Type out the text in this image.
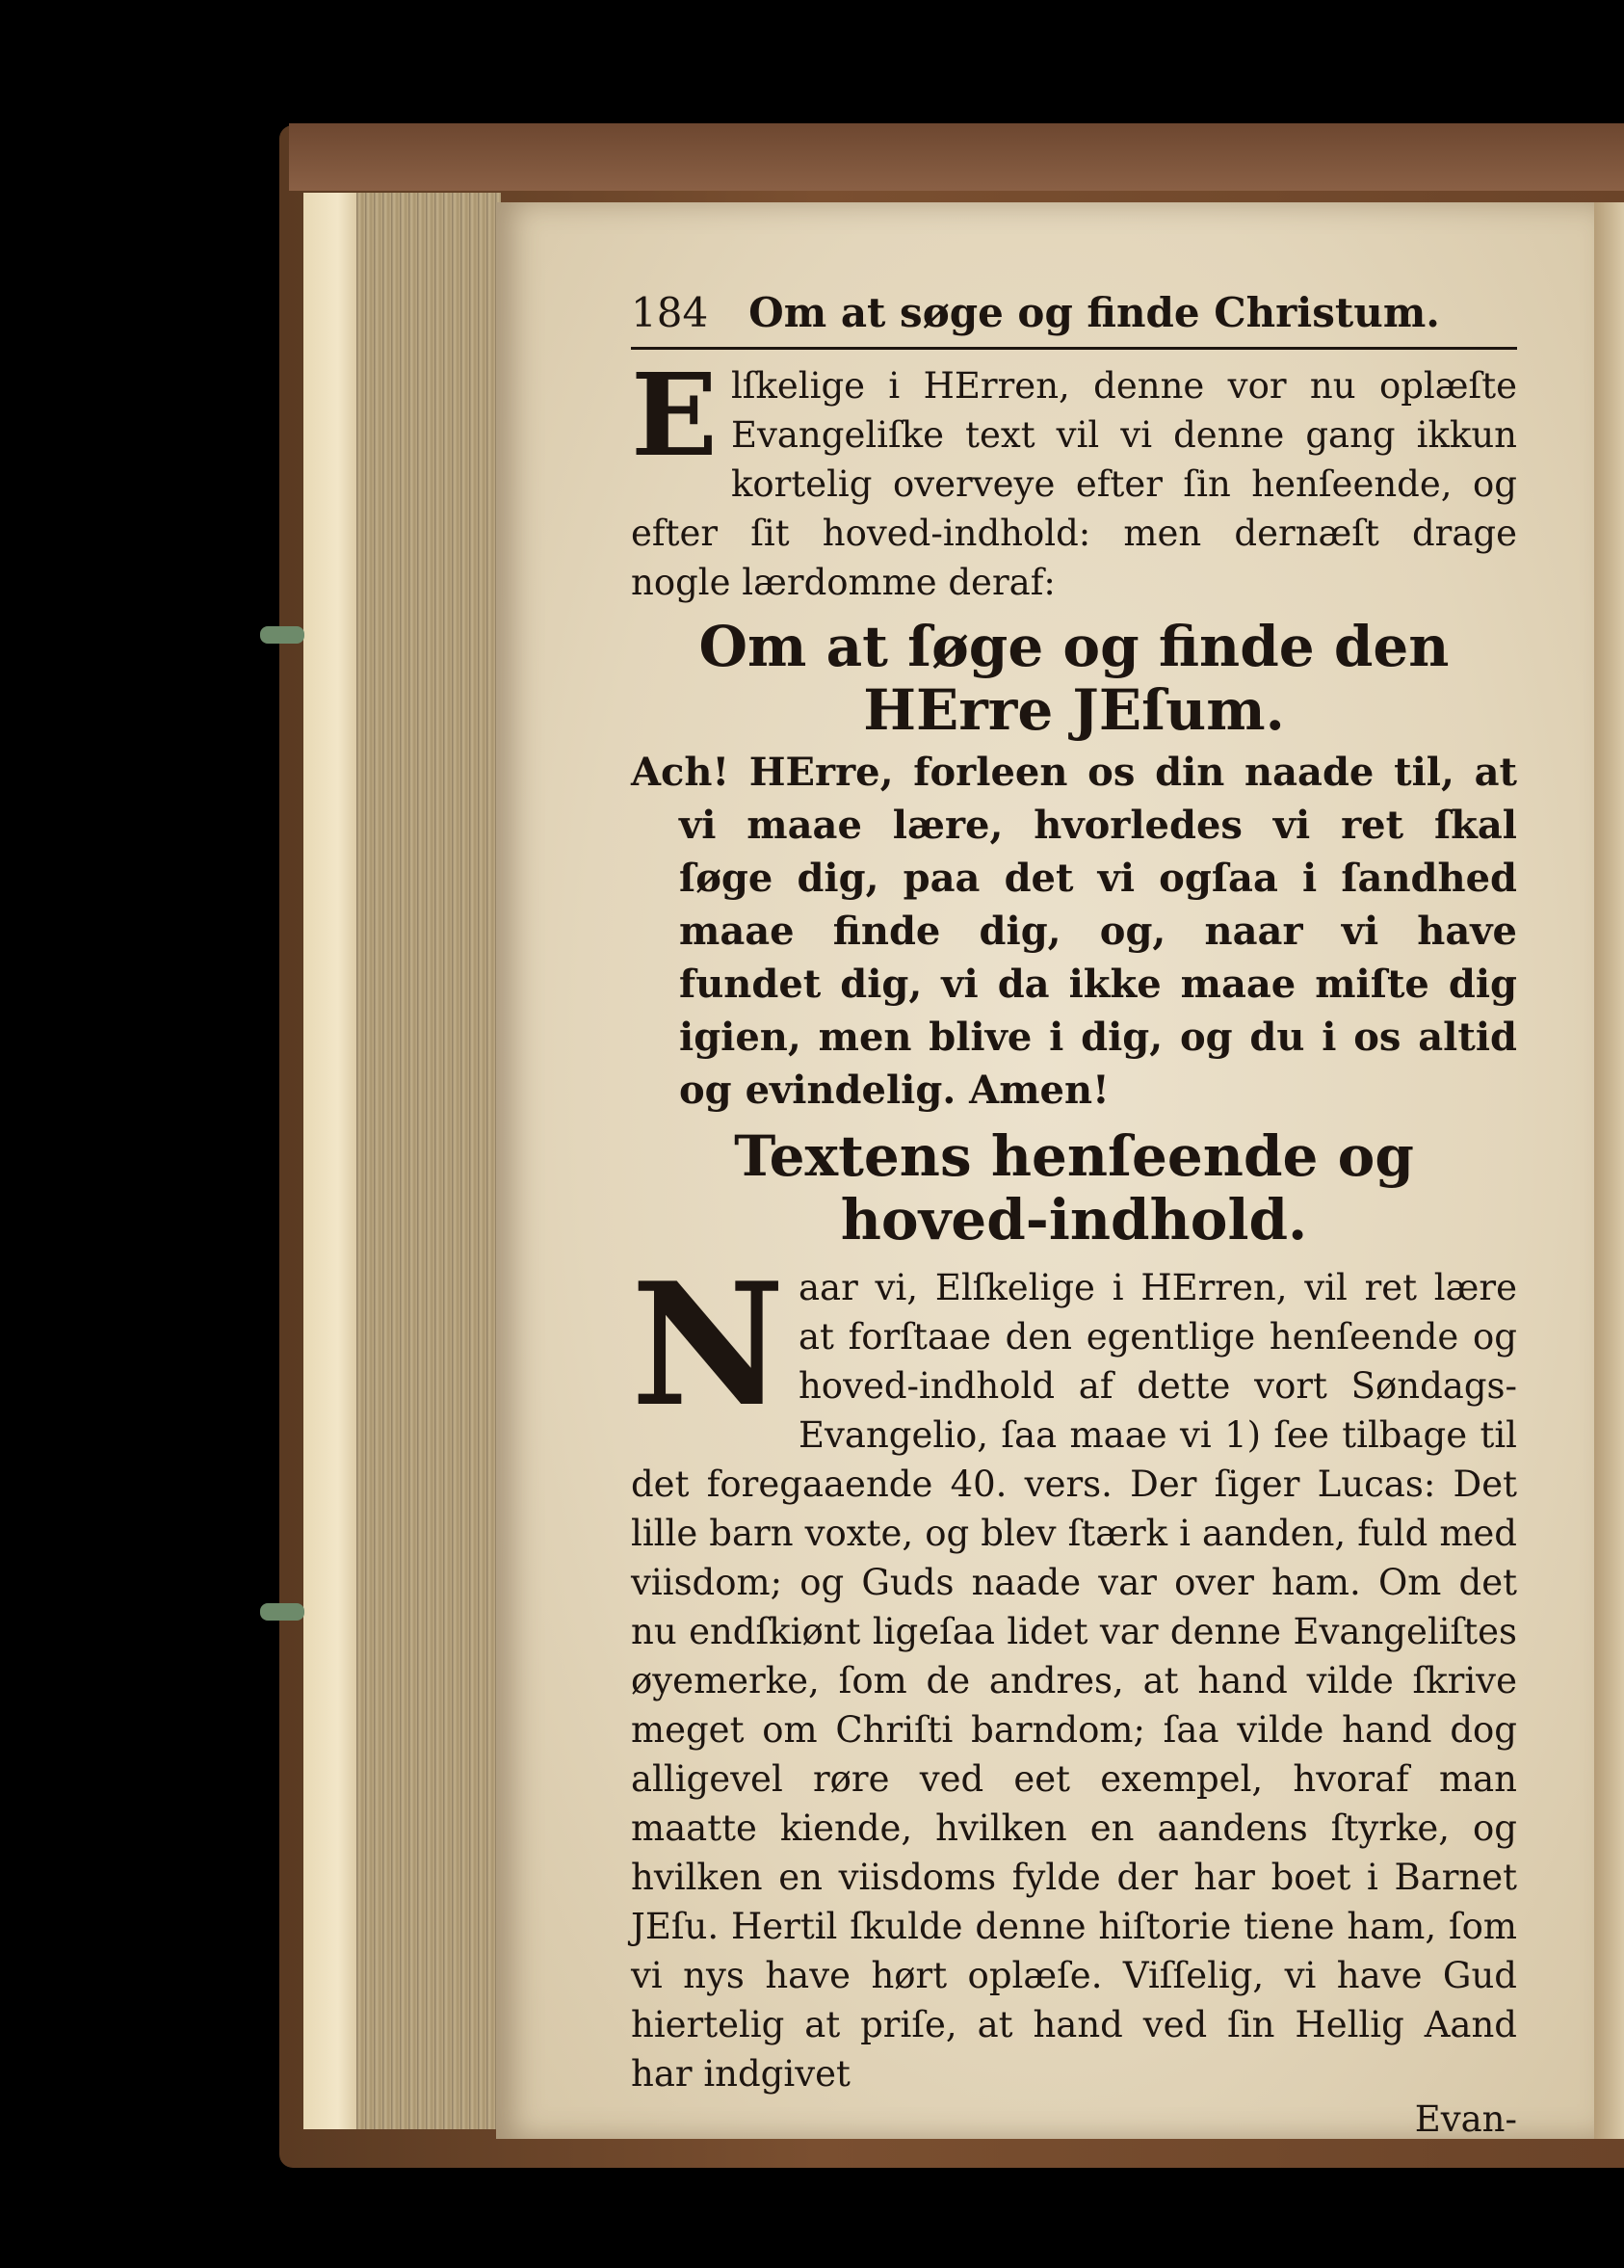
184 Om at søge og finde Christum.

Elſkelige i HErren, denne vor nu oplæſte Evangeliſke text vil vi denne gang ikkun kortelig overveye efter ſin henſeende, og efter ſit hoved-indhold: men dernæſt drage nogle lærdomme deraf:

Om at ſøge og finde den HErre JEſum.

Ach! HErre, forleen os din naade til, at vi maae lære, hvorledes vi ret ſkal ſøge dig, paa det vi ogſaa i ſandhed maae finde dig, og, naar vi have fundet dig, vi da ikke maae miſte dig igien, men blive i dig, og du i os altid og evindelig. Amen!

Textens henſeende og hoved-indhold.

Naar vi, Elſkelige i HErren, vil ret lære at forſtaae den egentlige henſeende og hoved-indhold af dette vort Søndags-Evangelio, ſaa maae vi 1) ſee tilbage til det foregaaende 40. vers. Der ſiger Lucas: Det lille barn voxte, og blev ſtærk i aanden, fuld med viisdom; og Guds naade var over ham. Om det nu endſkiønt ligeſaa lidet var denne Evangeliſtes øyemerke, ſom de andres, at hand vilde ſkrive meget om Chriſti barndom; ſaa vilde hand dog alligevel røre ved eet exempel, hvoraf man maatte kiende, hvilken en aandens ſtyrke, og hvilken en viisdoms fylde der har boet i Barnet JEſu. Hertil ſkulde denne hiſtorie tiene ham, ſom vi nys have hørt oplæſe. Viſſelig, vi have Gud hiertelig at priſe, at hand ved ſin Hellig Aand har indgivet

Evan-
